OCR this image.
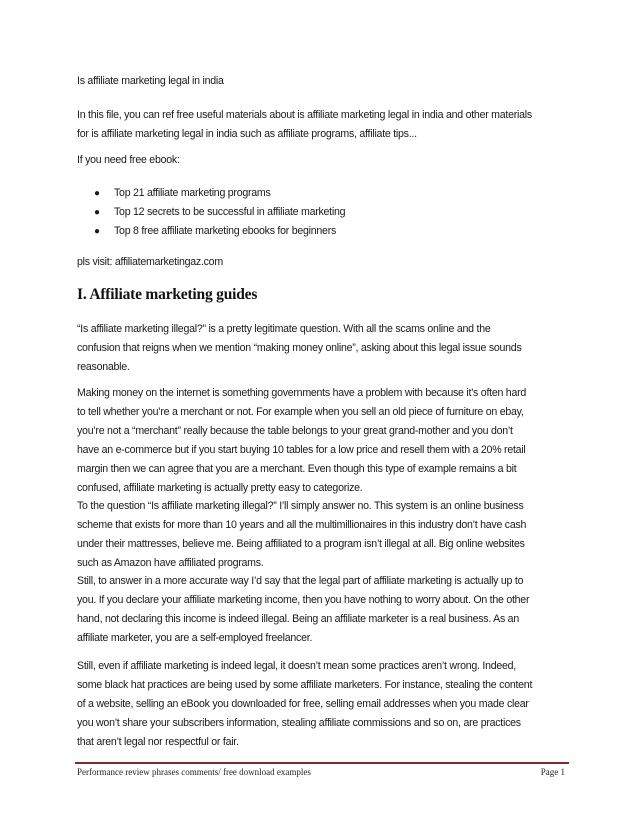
Is affiliate marketing legal in india

In this file, you can ref free useful materials about is affiliate marketing legal in india and other materials

for is affiliate marketing legal in india such as affiliate programs, affiliate tips...

If you need free ebook:

● Top 21 affiliate marketing programs
● Top 12 secrets to be successful in affiliate marketing
● Top 8 free affiliate marketing ebooks for beginners

pls visit: affiliatemarketingaz.com

I. Affiliate marketing guides

“Is affiliate marketing illegal?” is a pretty legitimate question. With all the scams online and the

confusion that reigns when we mention “making money online”, asking about this legal issue sounds

reasonable.

Making money on the internet is something governments have a problem with because it’s often hard

to tell whether you’re a merchant or not. For example when you sell an old piece of furniture on ebay,

you’re not a “merchant” really because the table belongs to your great grand-mother and you don’t

have an e-commerce but if you start buying 10 tables for a low price and resell them with a 20% retail

margin then we can agree that you are a merchant. Even though this type of example remains a bit

confused, affiliate marketing is actually pretty easy to categorize.

To the question “Is affiliate marketing illegal?” I’ll simply answer no. This system is an online business

scheme that exists for more than 10 years and all the multimillionaires in this industry don’t have cash

under their mattresses, believe me. Being affiliated to a program isn’t illegal at all. Big online websites

such as Amazon have affiliated programs.

Still, to answer in a more accurate way I’d say that the legal part of affiliate marketing is actually up to

you. If you declare your affiliate marketing income, then you have nothing to worry about. On the other

hand, not declaring this income is indeed illegal. Being an affiliate marketer is a real business. As an

affiliate marketer, you are a self-employed freelancer.

Still, even if affiliate marketing is indeed legal, it doesn’t mean some practices aren’t wrong. Indeed,

some black hat practices are being used by some affiliate marketers. For instance, stealing the content

of a website, selling an eBook you downloaded for free, selling email addresses when you made clear

you won’t share your subscribers information, stealing affiliate commissions and so on, are practices

that aren’t legal nor respectful or fair.

Performance review phrases comments/ free download examples	Page 1
